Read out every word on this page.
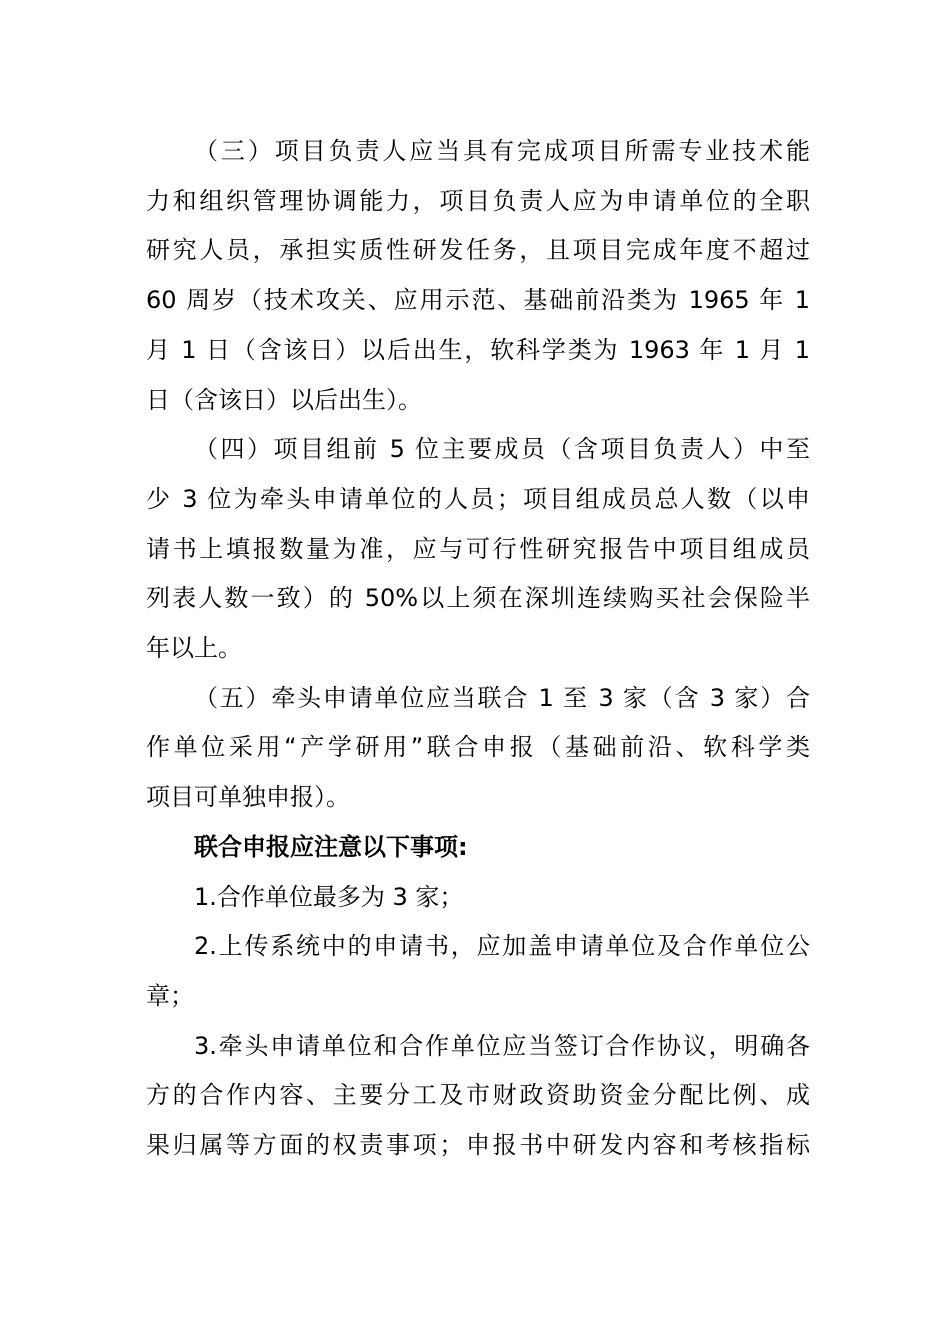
（三）项目负责人应当具有完成项目所需专业技术能
力和组织管理协调能力，项目负责人应为申请单位的全职
研究人员，承担实质性研发任务，且项目完成年度不超过
60 周岁（技术攻关、应用示范、基础前沿类为 1965 年 1
月 1 日（含该日）以后出生，软科学类为 1963 年 1 月 1
日（含该日）以后出生）。
（四）项目组前 5 位主要成员（含项目负责人）中至
少 3 位为牵头申请单位的人员；项目组成员总人数（以申
请书上填报数量为准，应与可行性研究报告中项目组成员
列表人数一致）的 50%以上须在深圳连续购买社会保险半
年以上。
（五）牵头申请单位应当联合 1 至 3 家（含 3 家）合
作单位采用“产学研用”联合申报（基础前沿、软科学类
项目可单独申报）。
联合申报应注意以下事项:
1.合作单位最多为 3 家；
2.上传系统中的申请书，应加盖申请单位及合作单位公
章；
3.牵头申请单位和合作单位应当签订合作协议，明确各
方的合作内容、主要分工及市财政资助资金分配比例、成
果归属等方面的权责事项；申报书中研发内容和考核指标
